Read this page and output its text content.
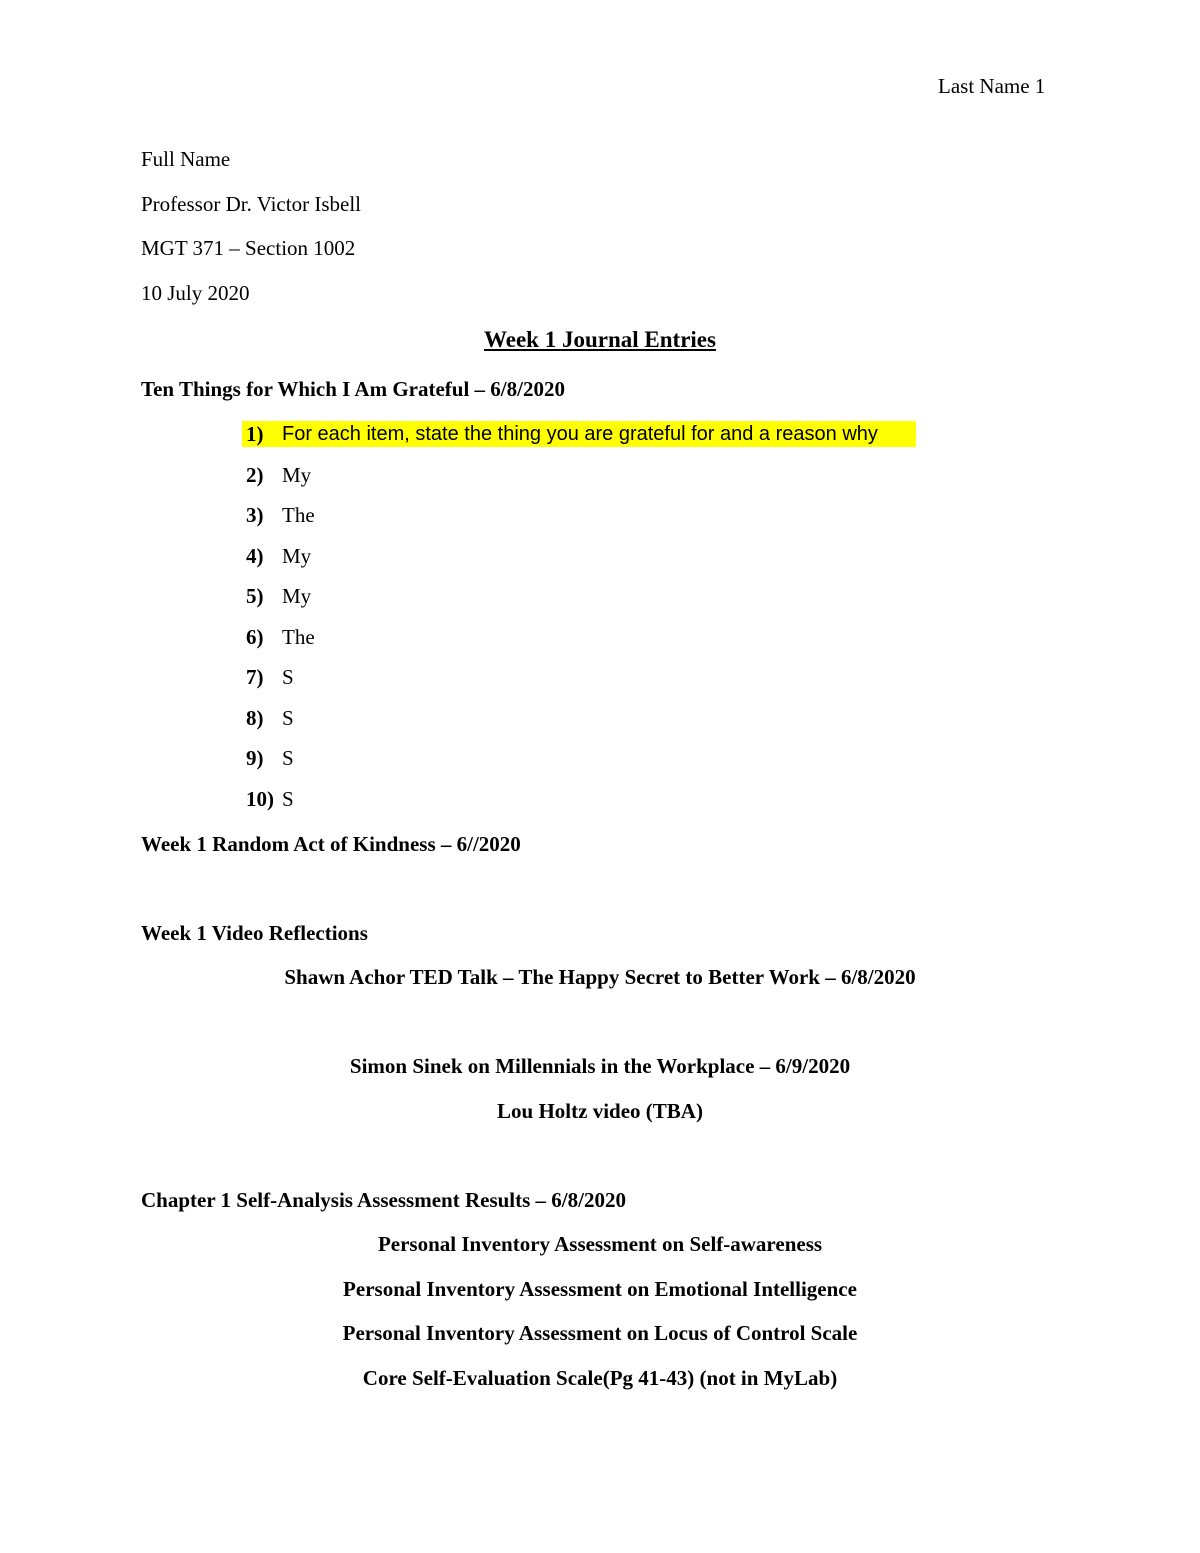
Last Name 1
Full Name
Professor Dr. Victor Isbell
MGT 371 – Section 1002
10 July 2020
Week 1 Journal Entries
Ten Things for Which I Am Grateful – 6/8/2020
1) For each item, state the thing you are grateful for and a reason why
2) My
3) The
4) My
5) My
6) The
7) S
8) S
9) S
10) S
Week 1 Random Act of Kindness – 6//2020
Week 1 Video Reflections
Shawn Achor TED Talk – The Happy Secret to Better Work – 6/8/2020
Simon Sinek on Millennials in the Workplace – 6/9/2020
Lou Holtz video (TBA)
Chapter 1 Self-Analysis Assessment Results – 6/8/2020
Personal Inventory Assessment on Self-awareness
Personal Inventory Assessment on Emotional Intelligence
Personal Inventory Assessment on Locus of Control Scale
Core Self-Evaluation Scale(Pg 41-43) (not in MyLab)
